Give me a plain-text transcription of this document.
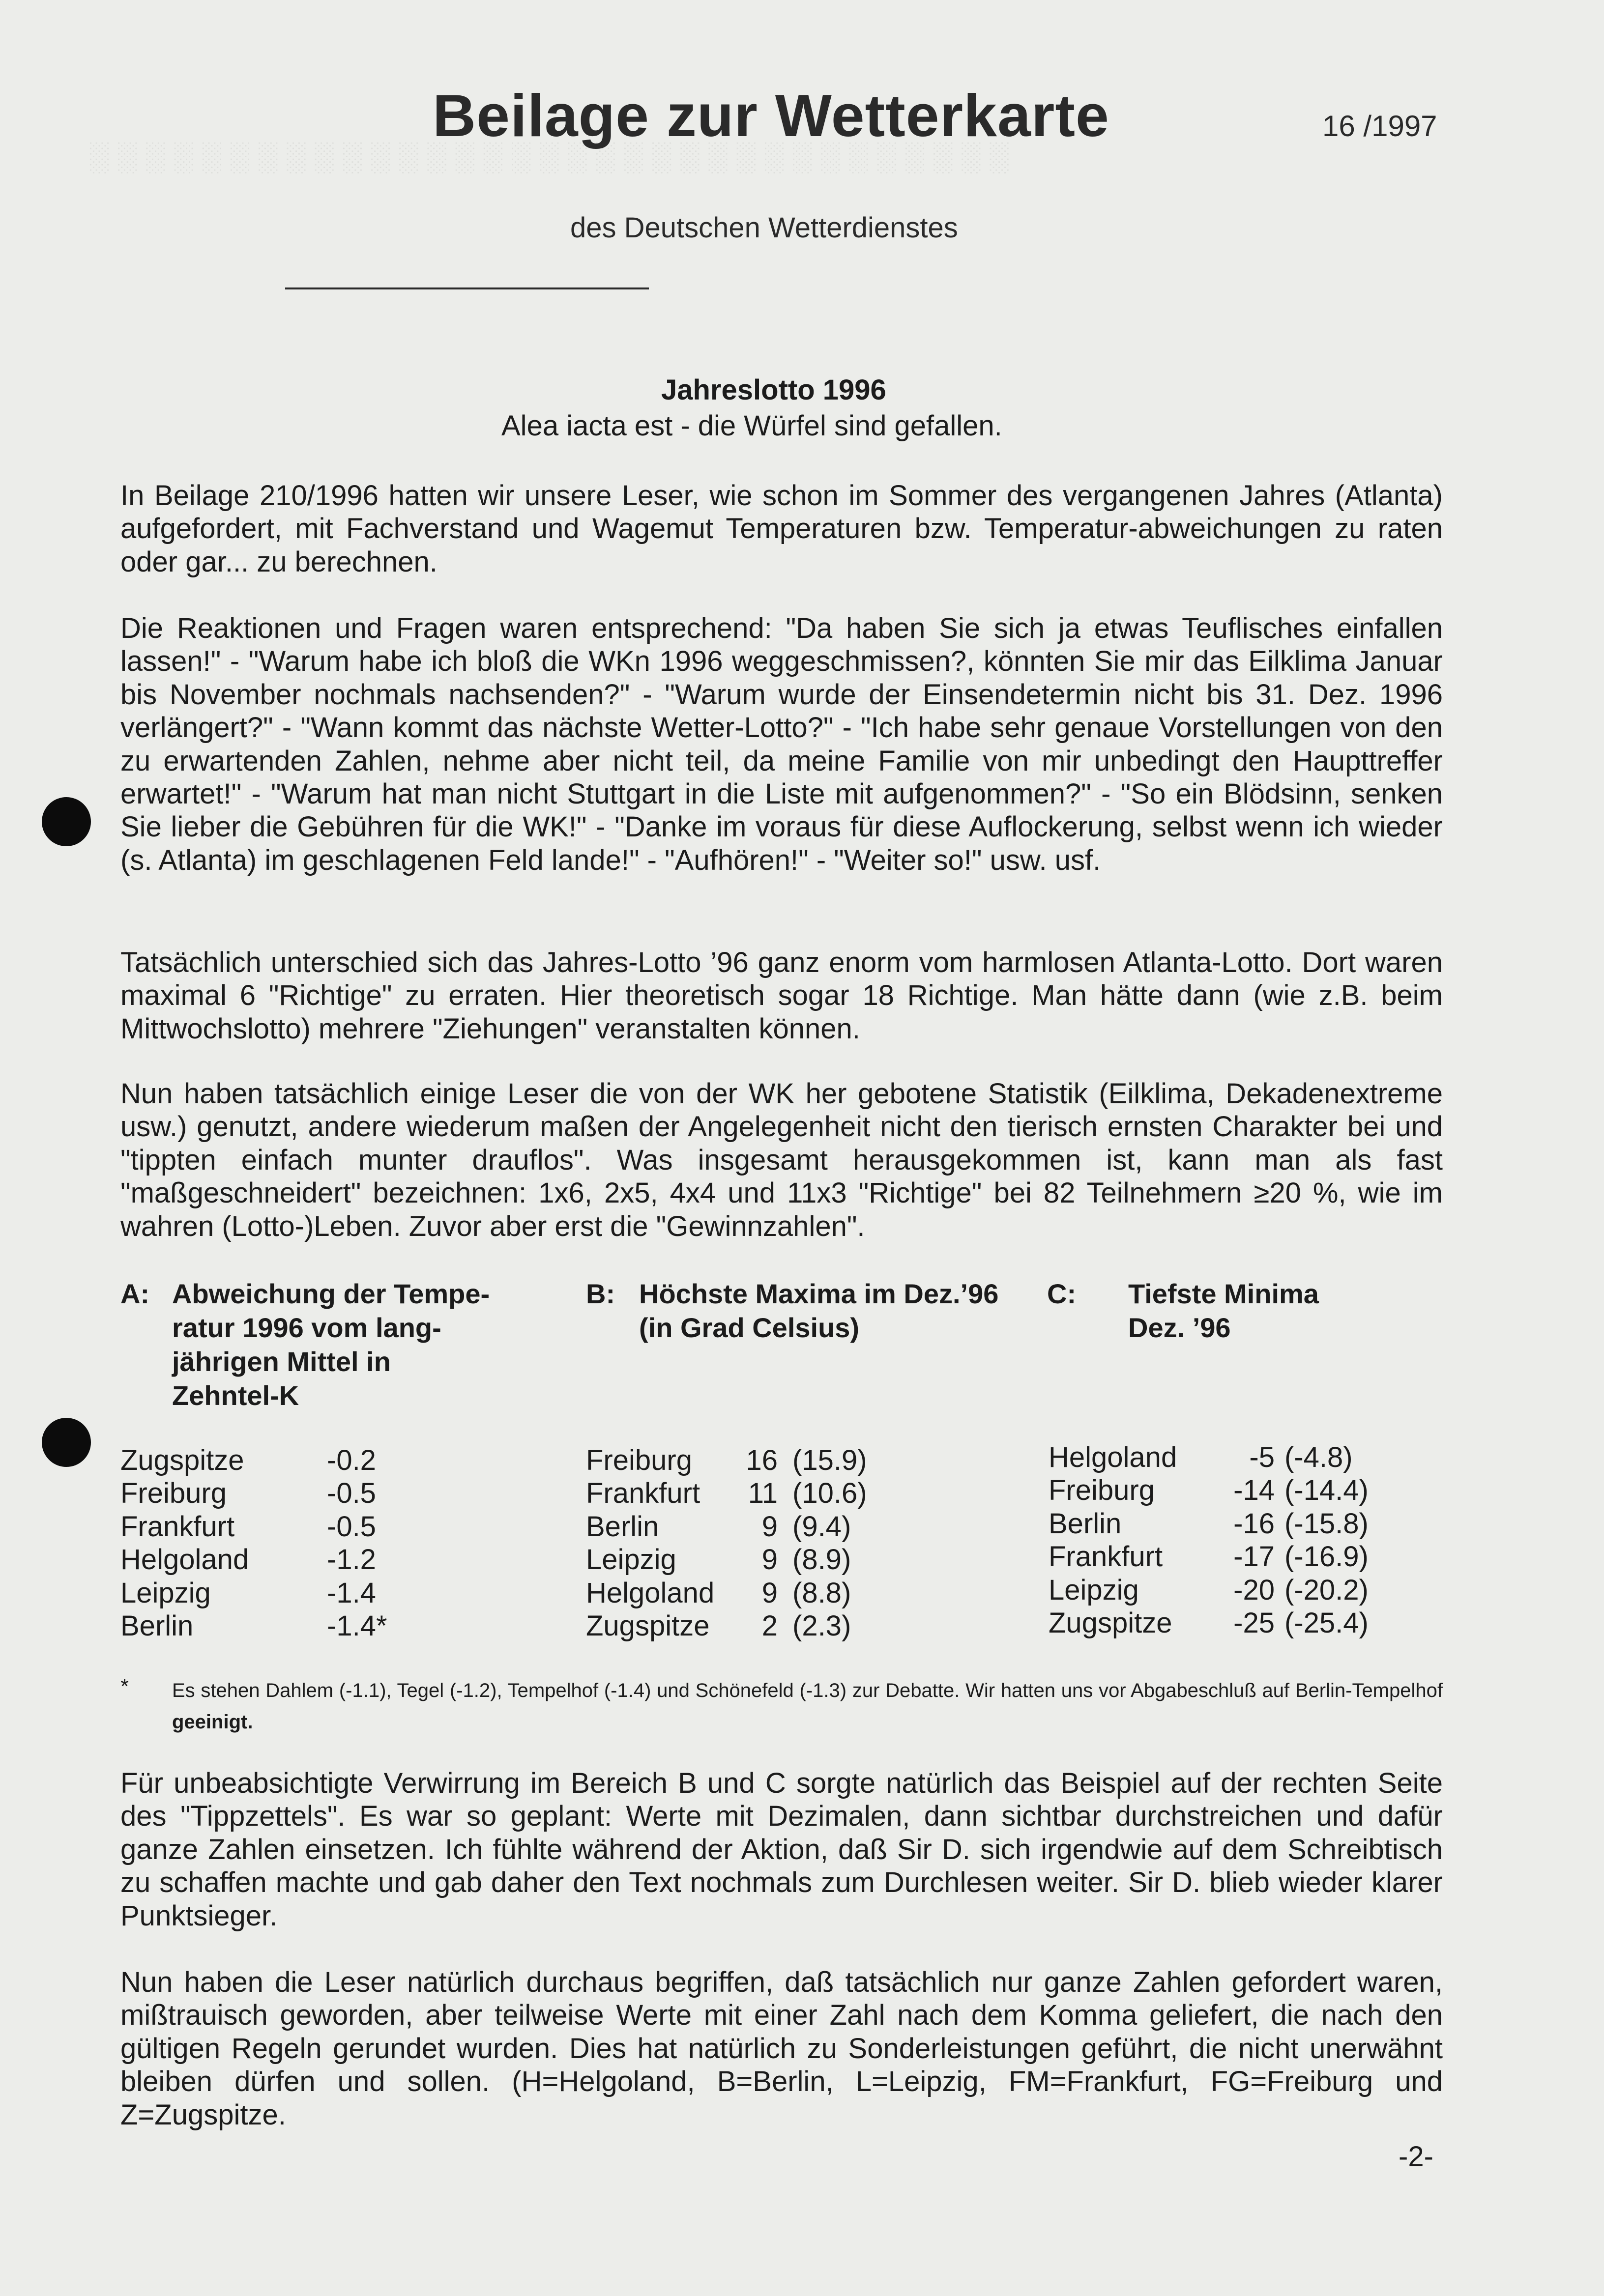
░ ░ ░ ░ ░ ░ ░ ░ ░ ░ ░ ░ ░ ░ ░ ░ ░ ░ ░ ░ ░ ░ ░ ░ ░ ░ ░ ░ ░ ░ ░ ░ ░
Beilage zur Wetterkarte	16 /1997
des Deutschen Wetterdienstes
Jahreslotto 1996
Alea iacta est - die Würfel sind gefallen.
In Beilage 210/1996 hatten wir unsere Leser, wie schon im Sommer des vergangenen Jahres (Atlanta) aufgefordert, mit Fachverstand und Wagemut Temperaturen bzw. Temperatur-abweichungen zu raten oder gar... zu berechnen.
Die Reaktionen und Fragen waren entsprechend: "Da haben Sie sich ja etwas Teuflisches einfallen lassen!" - "Warum habe ich bloß die WKn 1996 weggeschmissen?, könnten Sie mir das Eilklima Januar bis November nochmals nachsenden?" - "Warum wurde der Einsendetermin nicht bis 31. Dez. 1996 verlängert?" - "Wann kommt das nächste Wetter-Lotto?" - "Ich habe sehr genaue Vorstellungen von den zu erwartenden Zahlen, nehme aber nicht teil, da meine Familie von mir unbedingt den Haupttreffer erwartet!" - "Warum hat man nicht Stuttgart in die Liste mit aufgenommen?" - "So ein Blödsinn, senken Sie lieber die Gebühren für die WK!" - "Danke im voraus für diese Auflockerung, selbst wenn ich wieder (s. Atlanta) im geschlagenen Feld lande!" - "Aufhören!" - "Weiter so!" usw. usf.
Tatsächlich unterschied sich das Jahres-Lotto ’96 ganz enorm vom harmlosen Atlanta-Lotto. Dort waren maximal 6 "Richtige" zu erraten. Hier theoretisch sogar 18 Richtige. Man hätte dann (wie z.B. beim Mittwochslotto) mehrere "Ziehungen" veranstalten können.
Nun haben tatsächlich einige Leser die von der WK her gebotene Statistik (Eilklima, Dekadenextreme usw.) genutzt, andere wiederum maßen der Angelegenheit nicht den tierisch ernsten Charakter bei und "tippten einfach munter drauflos". Was insgesamt herausgekommen ist, kann man als fast "maßgeschneidert" bezeichnen: 1x6, 2x5, 4x4 und 11x3 "Richtige" bei 82 Teilnehmern ≥20 %, wie im wahren (Lotto-)Leben. Zuvor aber erst die "Gewinnzahlen".
A: Abweichung der Tempe-
ratur 1996 vom lang-
jährigen Mittel in
Zehntel-K
B: Höchste Maxima im Dez.’96
(in Grad Celsius)
C: Tiefste Minima
Dez. ’96
Zugspitze	-0.2
Freiburg	-0.5
Frankfurt	-0.5
Helgoland	-1.2
Leipzig	-1.4
Berlin	-1.4*
Freiburg 16 (15.9)
Frankfurt 11 (10.6)
Berlin	9 (9.4)
Leipzig	9 (8.9)
Helgoland 9 (8.8)
Zugspitze 2 (2.3)
Helgoland	-5 (-4.8)
Freiburg	-14 (-14.4)
Berlin	-16 (-15.8)
Frankfurt -17 (-16.9)
Leipzig	-20 (-20.2)
Zugspitze -25 (-25.4)
* Es stehen Dahlem (-1.1), Tegel (-1.2), Tempelhof (-1.4) und Schönefeld (-1.3) zur Debatte. Wir hatten uns vor Abgabeschluß auf Berlin-Tempelhof geeinigt.
Für unbeabsichtigte Verwirrung im Bereich B und C sorgte natürlich das Beispiel auf der rechten Seite des "Tippzettels". Es war so geplant: Werte mit Dezimalen, dann sichtbar durchstreichen und dafür ganze Zahlen einsetzen. Ich fühlte während der Aktion, daß Sir D. sich irgendwie auf dem Schreibtisch zu schaffen machte und gab daher den Text nochmals zum Durchlesen weiter. Sir D. blieb wieder klarer Punktsieger.
Nun haben die Leser natürlich durchaus begriffen, daß tatsächlich nur ganze Zahlen gefordert waren, mißtrauisch geworden, aber teilweise Werte mit einer Zahl nach dem Komma geliefert, die nach den gültigen Regeln gerundet wurden. Dies hat natürlich zu Sonderleistungen geführt, die nicht unerwähnt bleiben dürfen und sollen. (H=Helgoland, B=Berlin, L=Leipzig, FM=Frankfurt, FG=Freiburg und Z=Zugspitze.
-2-
